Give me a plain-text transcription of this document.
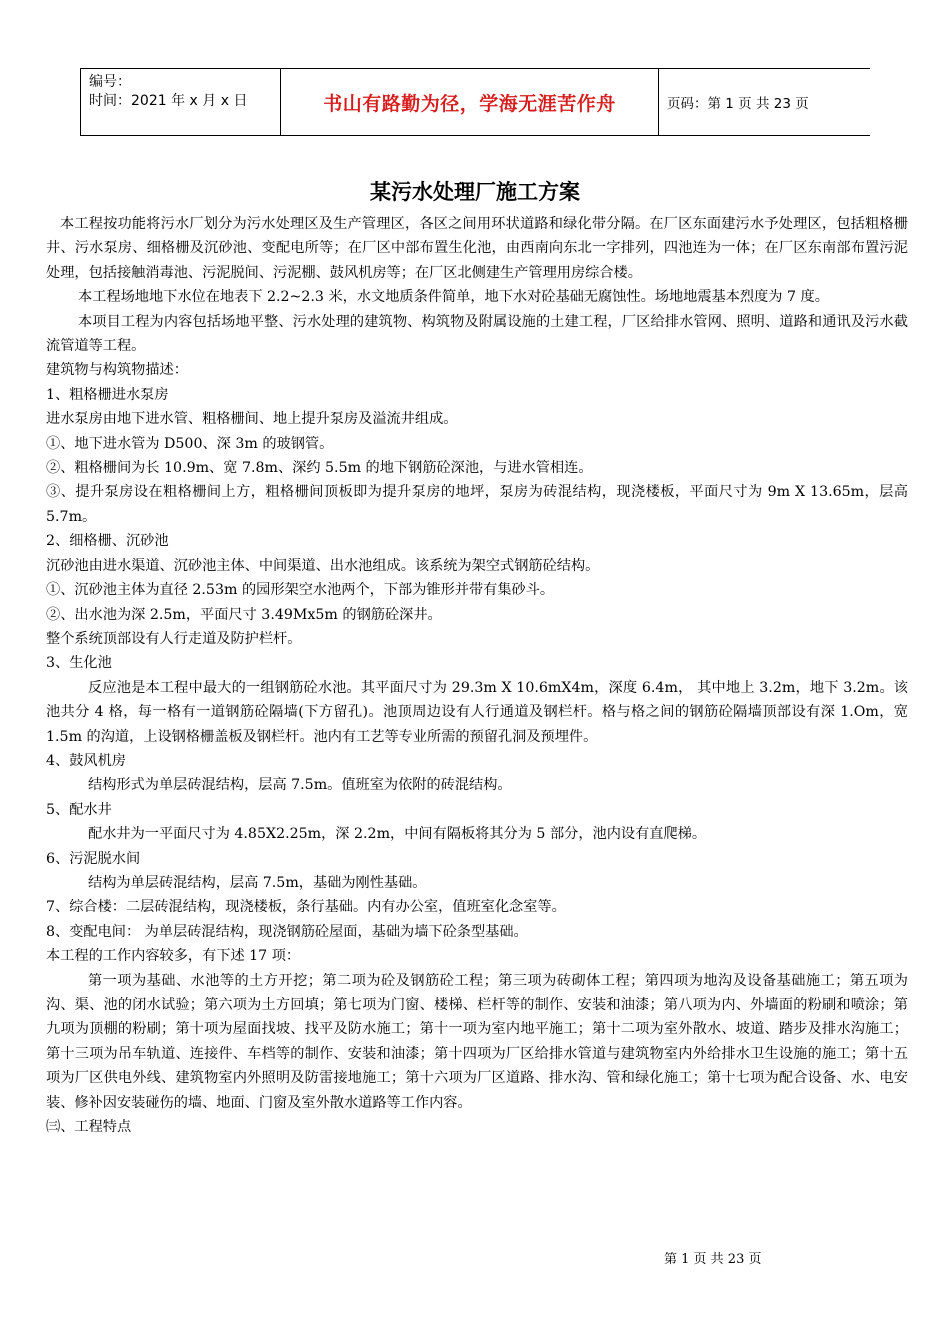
编号：
时间：2021 年 x 月 x 日	书山有路勤为径，学海无涯苦作舟	页码：第 1 页 共 23 页
某污水处理厂施工方案

本工程按功能将污水厂划分为污水处理区及生产管理区，各区之间用环状道路和绿化带分隔。在厂区东面建污水予处理区，包括粗格栅井、污水泵房、细格栅及沉砂池、变配电所等；在厂区中部布置生化池，由西南向东北一字排列，四池连为一体；在厂区东南部布置污泥处理，包括接触消毒池、污泥脱间、污泥棚、鼓风机房等；在厂区北侧建生产管理用房综合楼。

本工程场地地下水位在地表下 2.2~2.3 米，水文地质条件简单，地下水对砼基础无腐蚀性。场地地震基本烈度为 7 度。

本项目工程为内容包括场地平整、污水处理的建筑物、构筑物及附属设施的土建工程，厂区给排水管网、照明、道路和通讯及污水截流管道等工程。

建筑物与构筑物描述：

1、粗格栅进水泵房

进水泵房由地下进水管、粗格栅间、地上提升泵房及溢流井组成。

①、地下进水管为 D500、深 3m 的玻钢管。

②、粗格栅间为长 10.9m、宽 7.8m、深约 5.5m 的地下钢筋砼深池，与进水管相连。

③、提升泵房设在粗格栅间上方，粗格栅间顶板即为提升泵房的地坪，泵房为砖混结构，现浇楼板，平面尺寸为 9m X 13.65m，层高 5.7m。

2、细格栅、沉砂池

沉砂池由进水渠道、沉砂池主体、中间渠道、出水池组成。该系统为架空式钢筋砼结构。

①、沉砂池主体为直径 2.53m 的园形架空水池两个，下部为锥形并带有集砂斗。

②、出水池为深 2.5m，平面尺寸 3.49Mx5m 的钢筋砼深井。

整个系统顶部设有人行走道及防护栏杆。

3、生化池

反应池是本工程中最大的一组钢筋砼水池。其平面尺寸为 29.3m X 10.6mX4m，深度 6.4m， 其中地上 3.2m，地下 3.2m。该池共分 4 格，每一格有一道钢筋砼隔墙(下方留孔)。池顶周边设有人行通道及钢栏杆。格与格之间的钢筋砼隔墙顶部设有深 1.Om，宽 1.5m 的沟道，上设钢格栅盖板及钢栏杆。池内有工艺等专业所需的预留孔洞及预埋件。

4、鼓风机房

结构形式为单层砖混结构，层高 7.5m。值班室为依附的砖混结构。

5、配水井

配水井为一平面尺寸为 4.85X2.25m，深 2.2m，中间有隔板将其分为 5 部分，池内设有直爬梯。

6、污泥脱水间

结构为单层砖混结构，层高 7.5m，基础为刚性基础。

7、综合楼：二层砖混结构，现浇楼板，条行基础。内有办公室，值班室化念室等。

8、变配电间： 为单层砖混结构，现浇钢筋砼屋面，基础为墙下砼条型基础。

本工程的工作内容较多，有下述 17 项：

第一项为基础、水池等的土方开挖；第二项为砼及钢筋砼工程；第三项为砖砌体工程；第四项为地沟及设备基础施工；第五项为沟、渠、池的闭水试验；第六项为土方回填；第七项为门窗、楼梯、栏杆等的制作、安装和油漆；第八项为内、外墙面的粉刷和喷涂；第九项为顶棚的粉刷；第十项为屋面找坡、找平及防水施工；第十一项为室内地平施工；第十二项为室外散水、坡道、踏步及排水沟施工；第十三项为吊车轨道、连接件、车档等的制作、安装和油漆；第十四项为厂区给排水管道与建筑物室内外给排水卫生设施的施工；第十五项为厂区供电外线、建筑物室内外照明及防雷接地施工；第十六项为厂区道路、排水沟、管和绿化施工；第十七项为配合设备、水、电安装、修补因安装碰伤的墙、地面、门窗及室外散水道路等工作内容。

㈢、工程特点

第 1 页 共 23 页
